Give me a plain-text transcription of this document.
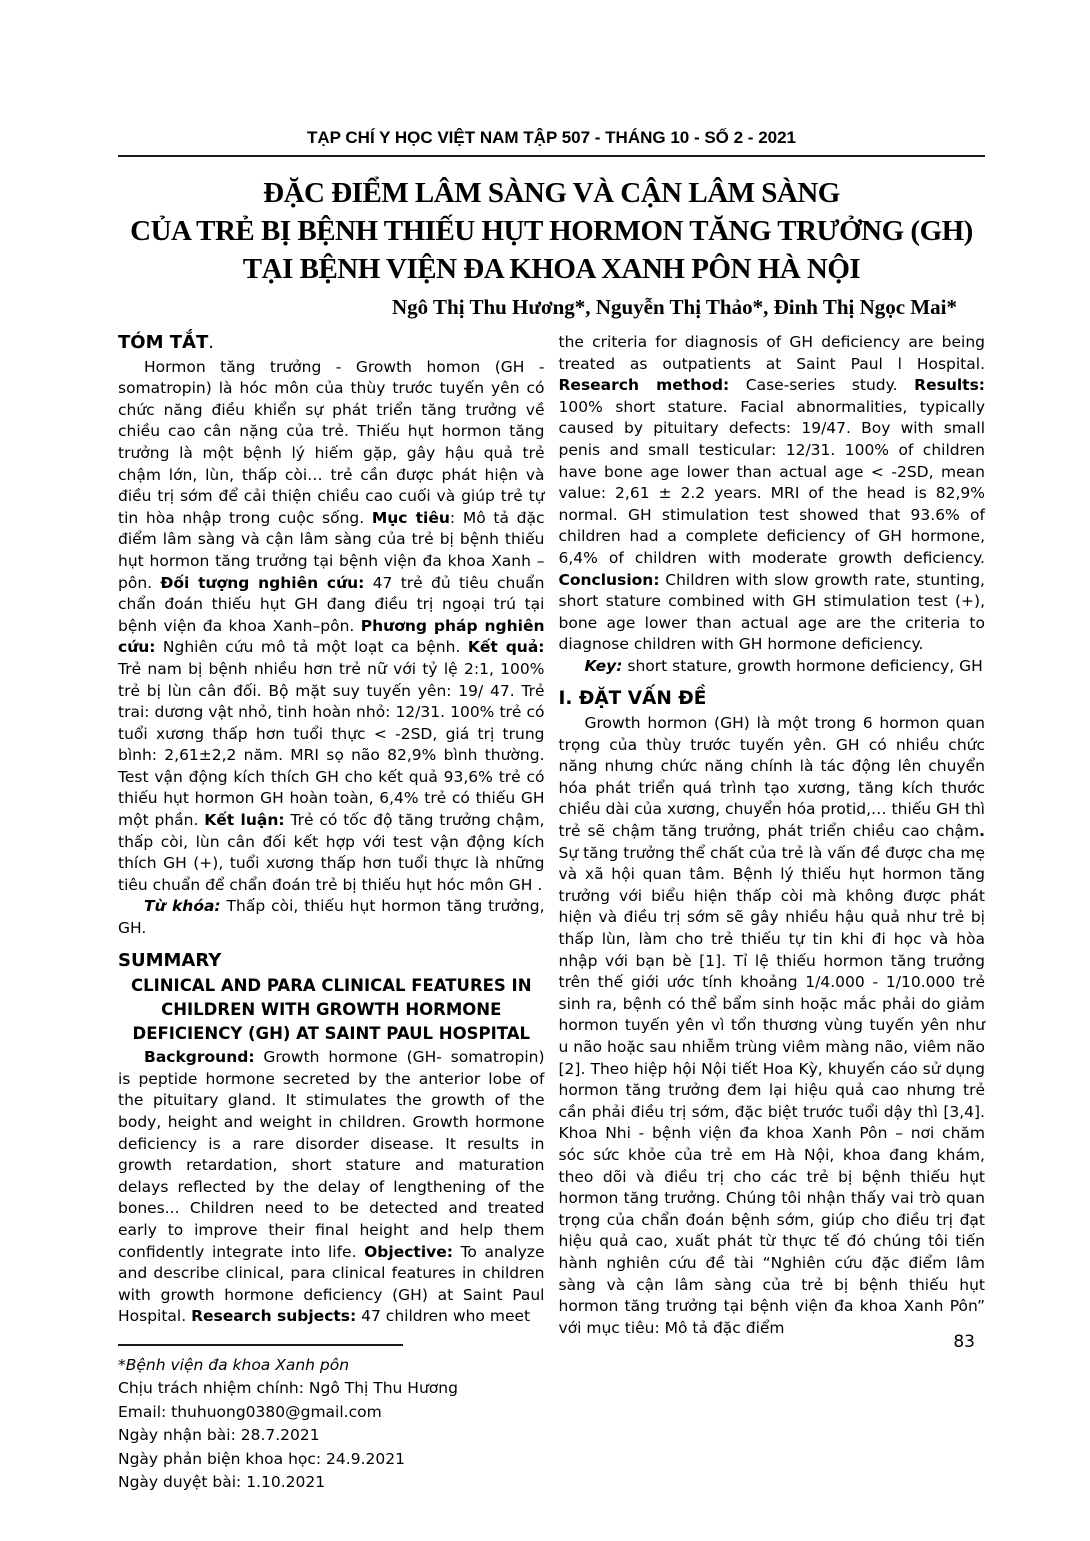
TẠP CHÍ Y HỌC VIỆT NAM TẬP 507 - THÁNG 10 - SỐ 2 - 2021
ĐẶC ĐIỂM LÂM SÀNG VÀ CẬN LÂM SÀNG
CỦA TRẺ BỊ BỆNH THIẾU HỤT HORMON TĂNG TRƯỞNG (GH)
TẠI BỆNH VIỆN ĐA KHOA XANH PÔN HÀ NỘI
Ngô Thị Thu Hương*, Nguyễn Thị Thảo*, Đinh Thị Ngọc Mai*
TÓM TẮT.

Hormon tăng trưởng - Growth homon (GH - somatropin) là hóc môn của thùy trước tuyến yên có chức năng điều khiển sự phát triển tăng trưởng về chiều cao cân nặng của trẻ. Thiếu hụt hormon tăng trưởng là một bệnh lý hiếm gặp, gây hậu quả trẻ chậm lớn, lùn, thấp còi… trẻ cần được phát hiện và điều trị sớm để cải thiện chiều cao cuối và giúp trẻ tự tin hòa nhập trong cuộc sống. Mục tiêu: Mô tả đặc điểm lâm sàng và cận lâm sàng của trẻ bị bệnh thiếu hụt hormon tăng trưởng tại bệnh viện đa khoa Xanh – pôn. Đối tượng nghiên cứu: 47 trẻ đủ tiêu chuẩn chẩn đoán thiếu hụt GH đang điều trị ngoại trú tại bệnh viện đa khoa Xanh–pôn. Phương pháp nghiên cứu: Nghiên cứu mô tả một loạt ca bệnh. Kết quả: Trẻ nam bị bệnh nhiều hơn trẻ nữ với tỷ lệ 2:1, 100% trẻ bị lùn cân đối. Bộ mặt suy tuyến yên: 19/ 47. Trẻ trai: dương vật nhỏ, tinh hoàn nhỏ: 12/31. 100% trẻ có tuổi xương thấp hơn tuổi thực < -2SD, giá trị trung bình: 2,61±2,2 năm. MRI sọ não 82,9% bình thường. Test vận động kích thích GH cho kết quả 93,6% trẻ có thiếu hụt hormon GH hoàn toàn, 6,4% trẻ có thiếu GH một phần. Kết luận: Trẻ có tốc độ tăng trưởng chậm, thấp còi, lùn cân đối kết hợp với test vận động kích thích GH (+), tuổi xương thấp hơn tuổi thực là những tiêu chuẩn để chẩn đoán trẻ bị thiếu hụt hóc môn GH .

Từ khóa: Thấp còi, thiếu hụt hormon tăng trưởng, GH.

SUMMARY
CLINICAL AND PARA CLINICAL FEATURES IN CHILDREN WITH GROWTH HORMONE DEFICIENCY (GH) AT SAINT PAUL HOSPITAL

Background: Growth hormone (GH- somatropin) is peptide hormone secreted by the anterior lobe of the pituitary gland. It stimulates the growth of the body, height and weight in children. Growth hormone deficiency is a rare disorder disease. It results in growth retardation, short stature and maturation delays reflected by the delay of lengthening of the bones... Children need to be detected and treated early to improve their final height and help them confidently integrate into life. Objective: To analyze and describe clinical, para clinical features in children with growth hormone deficiency (GH) at Saint Paul Hospital. Research subjects: 47 children who meet

*Bệnh viện đa khoa Xanh pôn
Chịu trách nhiệm chính: Ngô Thị Thu Hương
Email: thuhuong0380@gmail.com
Ngày nhận bài: 28.7.2021
Ngày phản biện khoa học: 24.9.2021
Ngày duyệt bài: 1.10.2021

the criteria for diagnosis of GH deficiency are being treated as outpatients at Saint Paul l Hospital. Research method: Case-series study. Results: 100% short stature. Facial abnormalities, typically caused by pituitary defects: 19/47. Boy with small penis and small testicular: 12/31. 100% of children have bone age lower than actual age < -2SD, mean value: 2,61 ± 2.2 years. MRI of the head is 82,9% normal. GH stimulation test showed that 93.6% of children had a complete deficiency of GH hormone, 6,4% of children with moderate growth deficiency. Conclusion: Children with slow growth rate, stunting, short stature combined with GH stimulation test (+), bone age lower than actual age are the criteria to diagnose children with GH hormone deficiency.

Key: short stature, growth hormone deficiency, GH

I. ĐẶT VẤN ĐỀ

Growth hormon (GH) là một trong 6 hormon quan trọng của thùy trước tuyến yên. GH có nhiều chức năng nhưng chức năng chính là tác động lên chuyển hóa phát triển quá trình tạo xương, tăng kích thước chiều dài của xương, chuyển hóa protid,… thiếu GH thì trẻ sẽ chậm tăng trưởng, phát triển chiều cao chậm. Sự tăng trưởng thể chất của trẻ là vấn đề được cha mẹ và xã hội quan tâm. Bệnh lý thiếu hụt hormon tăng trưởng với biểu hiện thấp còi mà không được phát hiện và điều trị sớm sẽ gây nhiều hậu quả như trẻ bị thấp lùn, làm cho trẻ thiếu tự tin khi đi học và hòa nhập với bạn bè [1]. Tỉ lệ thiếu hormon tăng trưởng trên thế giới ước tính khoảng 1/4.000 - 1/10.000 trẻ sinh ra, bệnh có thể bẩm sinh hoặc mắc phải do giảm hormon tuyến yên vì tổn thương vùng tuyến yên như u não hoặc sau nhiễm trùng viêm màng não, viêm não [2]. Theo hiệp hội Nội tiết Hoa Kỳ, khuyến cáo sử dụng hormon tăng trưởng đem lại hiệu quả cao nhưng trẻ cần phải điều trị sớm, đặc biệt trước tuổi dậy thì [3,4]. Khoa Nhi - bệnh viện đa khoa Xanh Pôn – nơi chăm sóc sức khỏe của trẻ em Hà Nội, khoa đang khám, theo dõi và điều trị cho các trẻ bị bệnh thiếu hụt hormon tăng trưởng. Chúng tôi nhận thấy vai trò quan trọng của chẩn đoán bệnh sớm, giúp cho điều trị đạt hiệu quả cao, xuất phát từ thực tế đó chúng tôi tiến hành nghiên cứu đề tài “Nghiên cứu đặc điểm lâm sàng và cận lâm sàng của trẻ bị bệnh thiếu hụt hormon tăng trưởng tại bệnh viện đa khoa Xanh Pôn” với mục tiêu: Mô tả đặc điểm

83
